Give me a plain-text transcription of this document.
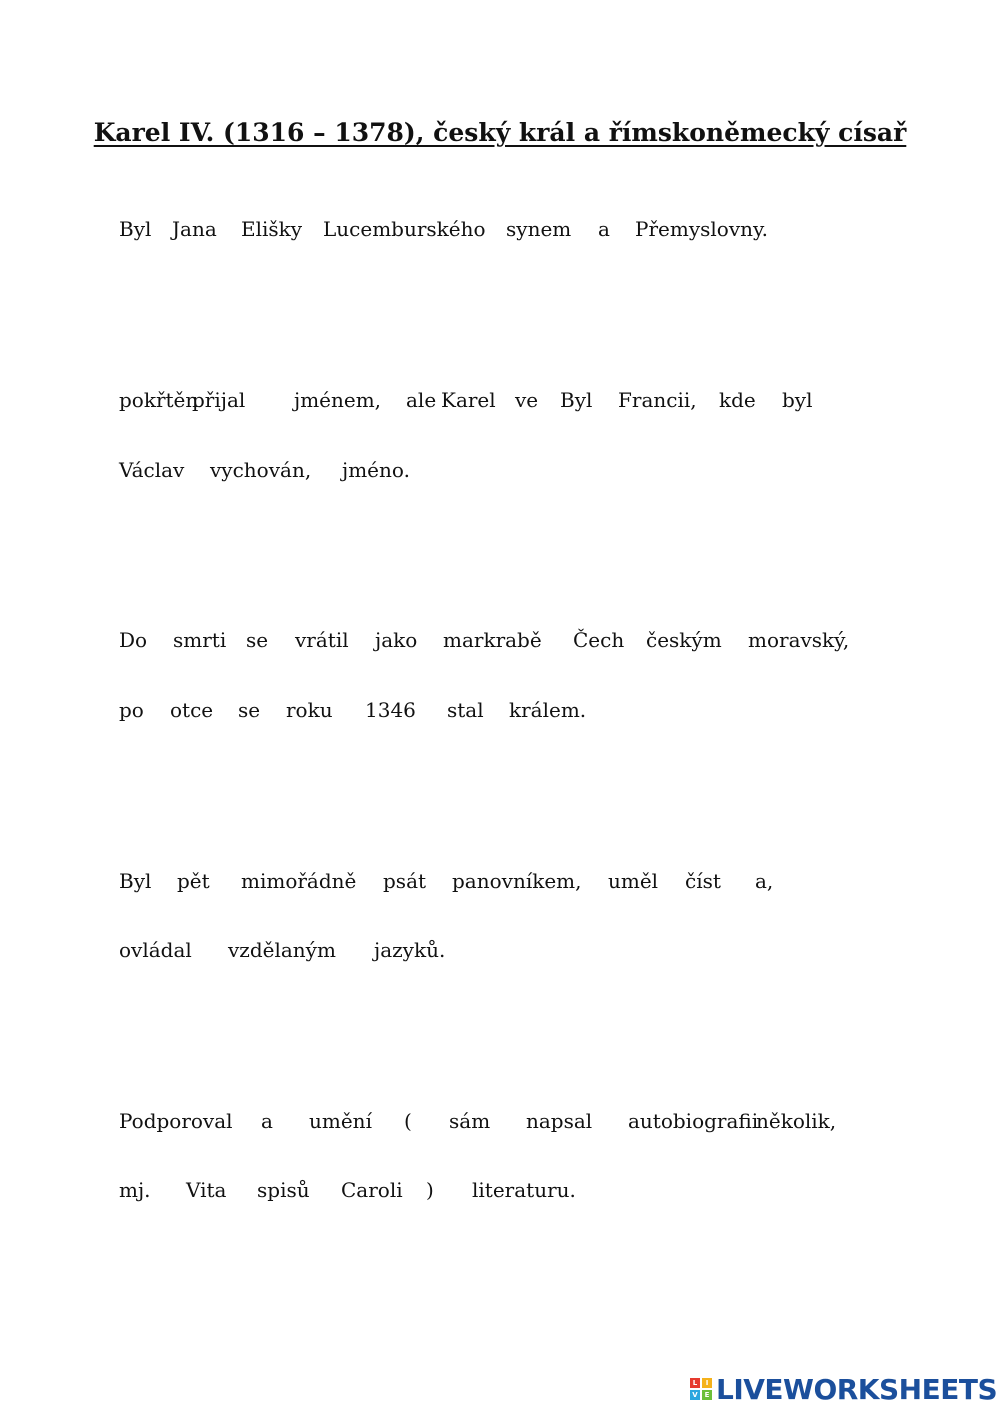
Karel IV. (1316 – 1378), český král a římskoněmecký císař
Byl Jana Elišky Lucemburského synem a Přemyslovny.
pokřtěn
přijal jménem, ale Karel ve Byl Francii, kde byl
Václav vychován, jméno.
Do smrti se vrátil jako markrabě Čech českým moravský,
po otce se roku 1346 stal králem.
Byl pět mimořádně psát panovníkem, uměl číst a,
ovládal vzdělaným jazyků.
Podporoval a umění ( sám napsal autobiografii
několik,
mj. Vita spisů Caroli ) literaturu.
L	I
V E LIVEWORKSHEETS
